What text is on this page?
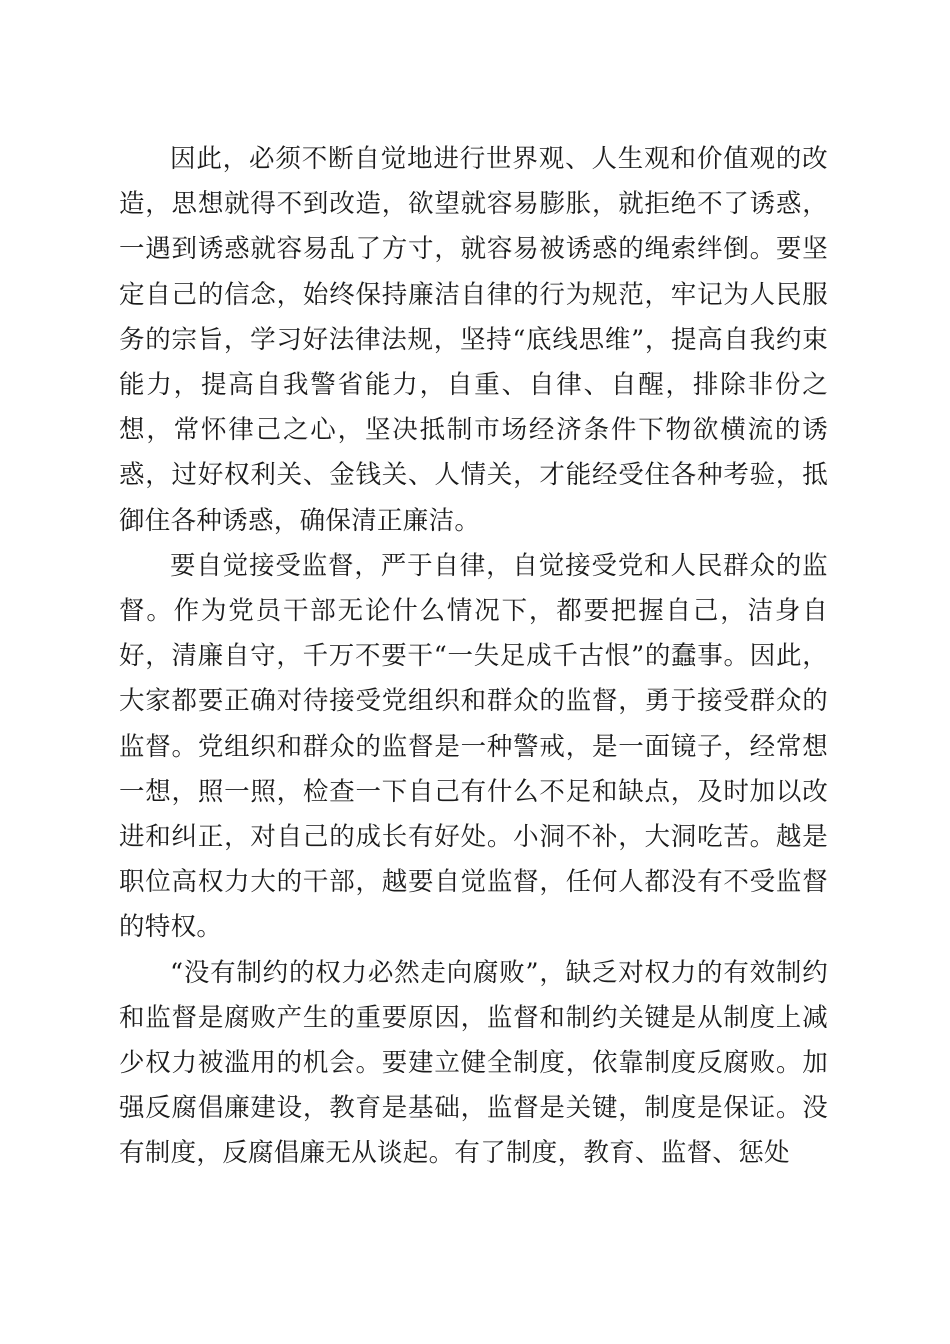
因此，必须不断自觉地进行世界观、人生观和价值观的改造，思想就得不到改造，欲望就容易膨胀，就拒绝不了诱惑，一遇到诱惑就容易乱了方寸，就容易被诱惑的绳索绊倒。要坚定自己的信念，始终保持廉洁自律的行为规范，牢记为人民服务的宗旨，学习好法律法规，坚持“底线思维”，提高自我约束能力，提高自我警省能力，自重、自律、自醒，排除非份之想，常怀律己之心，坚决抵制市场经济条件下物欲横流的诱惑，过好权利关、金钱关、人情关，才能经受住各种考验，抵御住各种诱惑，确保清正廉洁。

要自觉接受监督，严于自律，自觉接受党和人民群众的监督。作为党员干部无论什么情况下，都要把握自己，洁身自好，清廉自守，千万不要干“一失足成千古恨”的蠢事。因此，大家都要正确对待接受党组织和群众的监督，勇于接受群众的监督。党组织和群众的监督是一种警戒，是一面镜子，经常想一想，照一照，检查一下自己有什么不足和缺点，及时加以改进和纠正，对自己的成长有好处。小洞不补，大洞吃苦。越是职位高权力大的干部，越要自觉监督，任何人都没有不受监督的特权。

“没有制约的权力必然走向腐败”，缺乏对权力的有效制约和监督是腐败产生的重要原因，监督和制约关键是从制度上减少权力被滥用的机会。要建立健全制度，依靠制度反腐败。加强反腐倡廉建设，教育是基础，监督是关键，制度是保证。没有制度，反腐倡廉无从谈起。有了制度，教育、监督、惩处
